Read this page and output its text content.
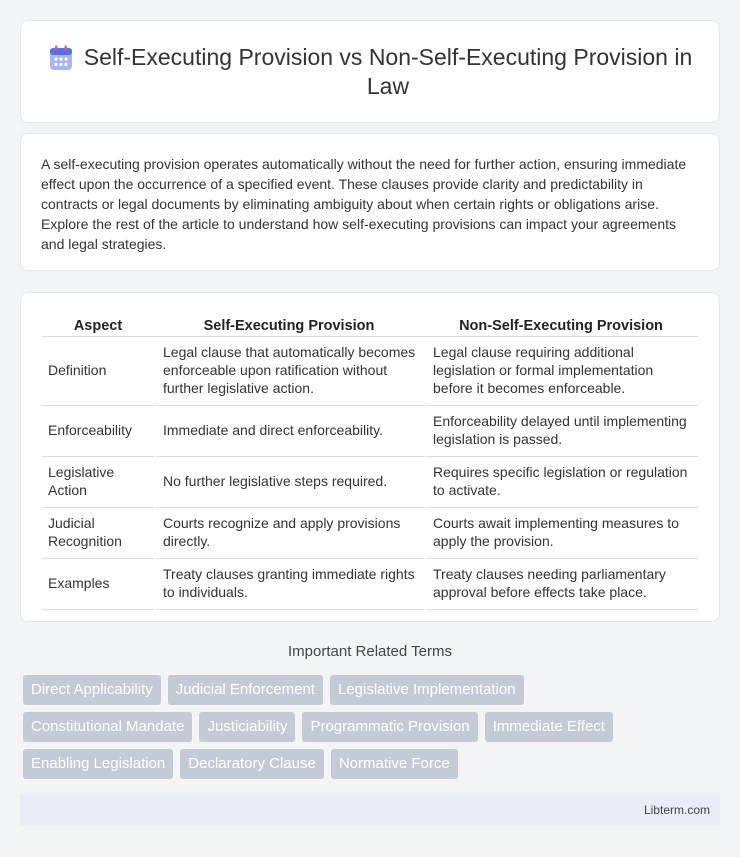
Self-Executing Provision vs Non-Self-Executing Provision in Law

A self-executing provision operates automatically without the need for further action, ensuring immediate effect upon the occurrence of a specified event. These clauses provide clarity and predictability in contracts or legal documents by eliminating ambiguity about when certain rights or obligations arise. Explore the rest of the article to understand how self-executing provisions can impact your agreements and legal strategies.

Aspect	Self-Executing Provision	Non-Self-Executing Provision
Definition	Legal clause that automatically becomes enforceable upon ratification without further legislative action.	Legal clause requiring additional legislation or formal implementation before it becomes enforceable.
Enforceability	Immediate and direct enforceability.	Enforceability delayed until implementing legislation is passed.
Legislative Action	No further legislative steps required.	Requires specific legislation or regulation to activate.
Judicial Recognition	Courts recognize and apply provisions directly.	Courts await implementing measures to apply the provision.
Examples	Treaty clauses granting immediate rights to individuals.	Treaty clauses needing parliamentary approval before effects take place.
Important Related Terms
Direct Applicability	Judicial Enforcement	Legislative Implementation
Constitutional Mandate	Justiciability	Programmatic Provision	Immediate Effect
Enabling Legislation	Declaratory Clause	Normative Force
Libterm.com
